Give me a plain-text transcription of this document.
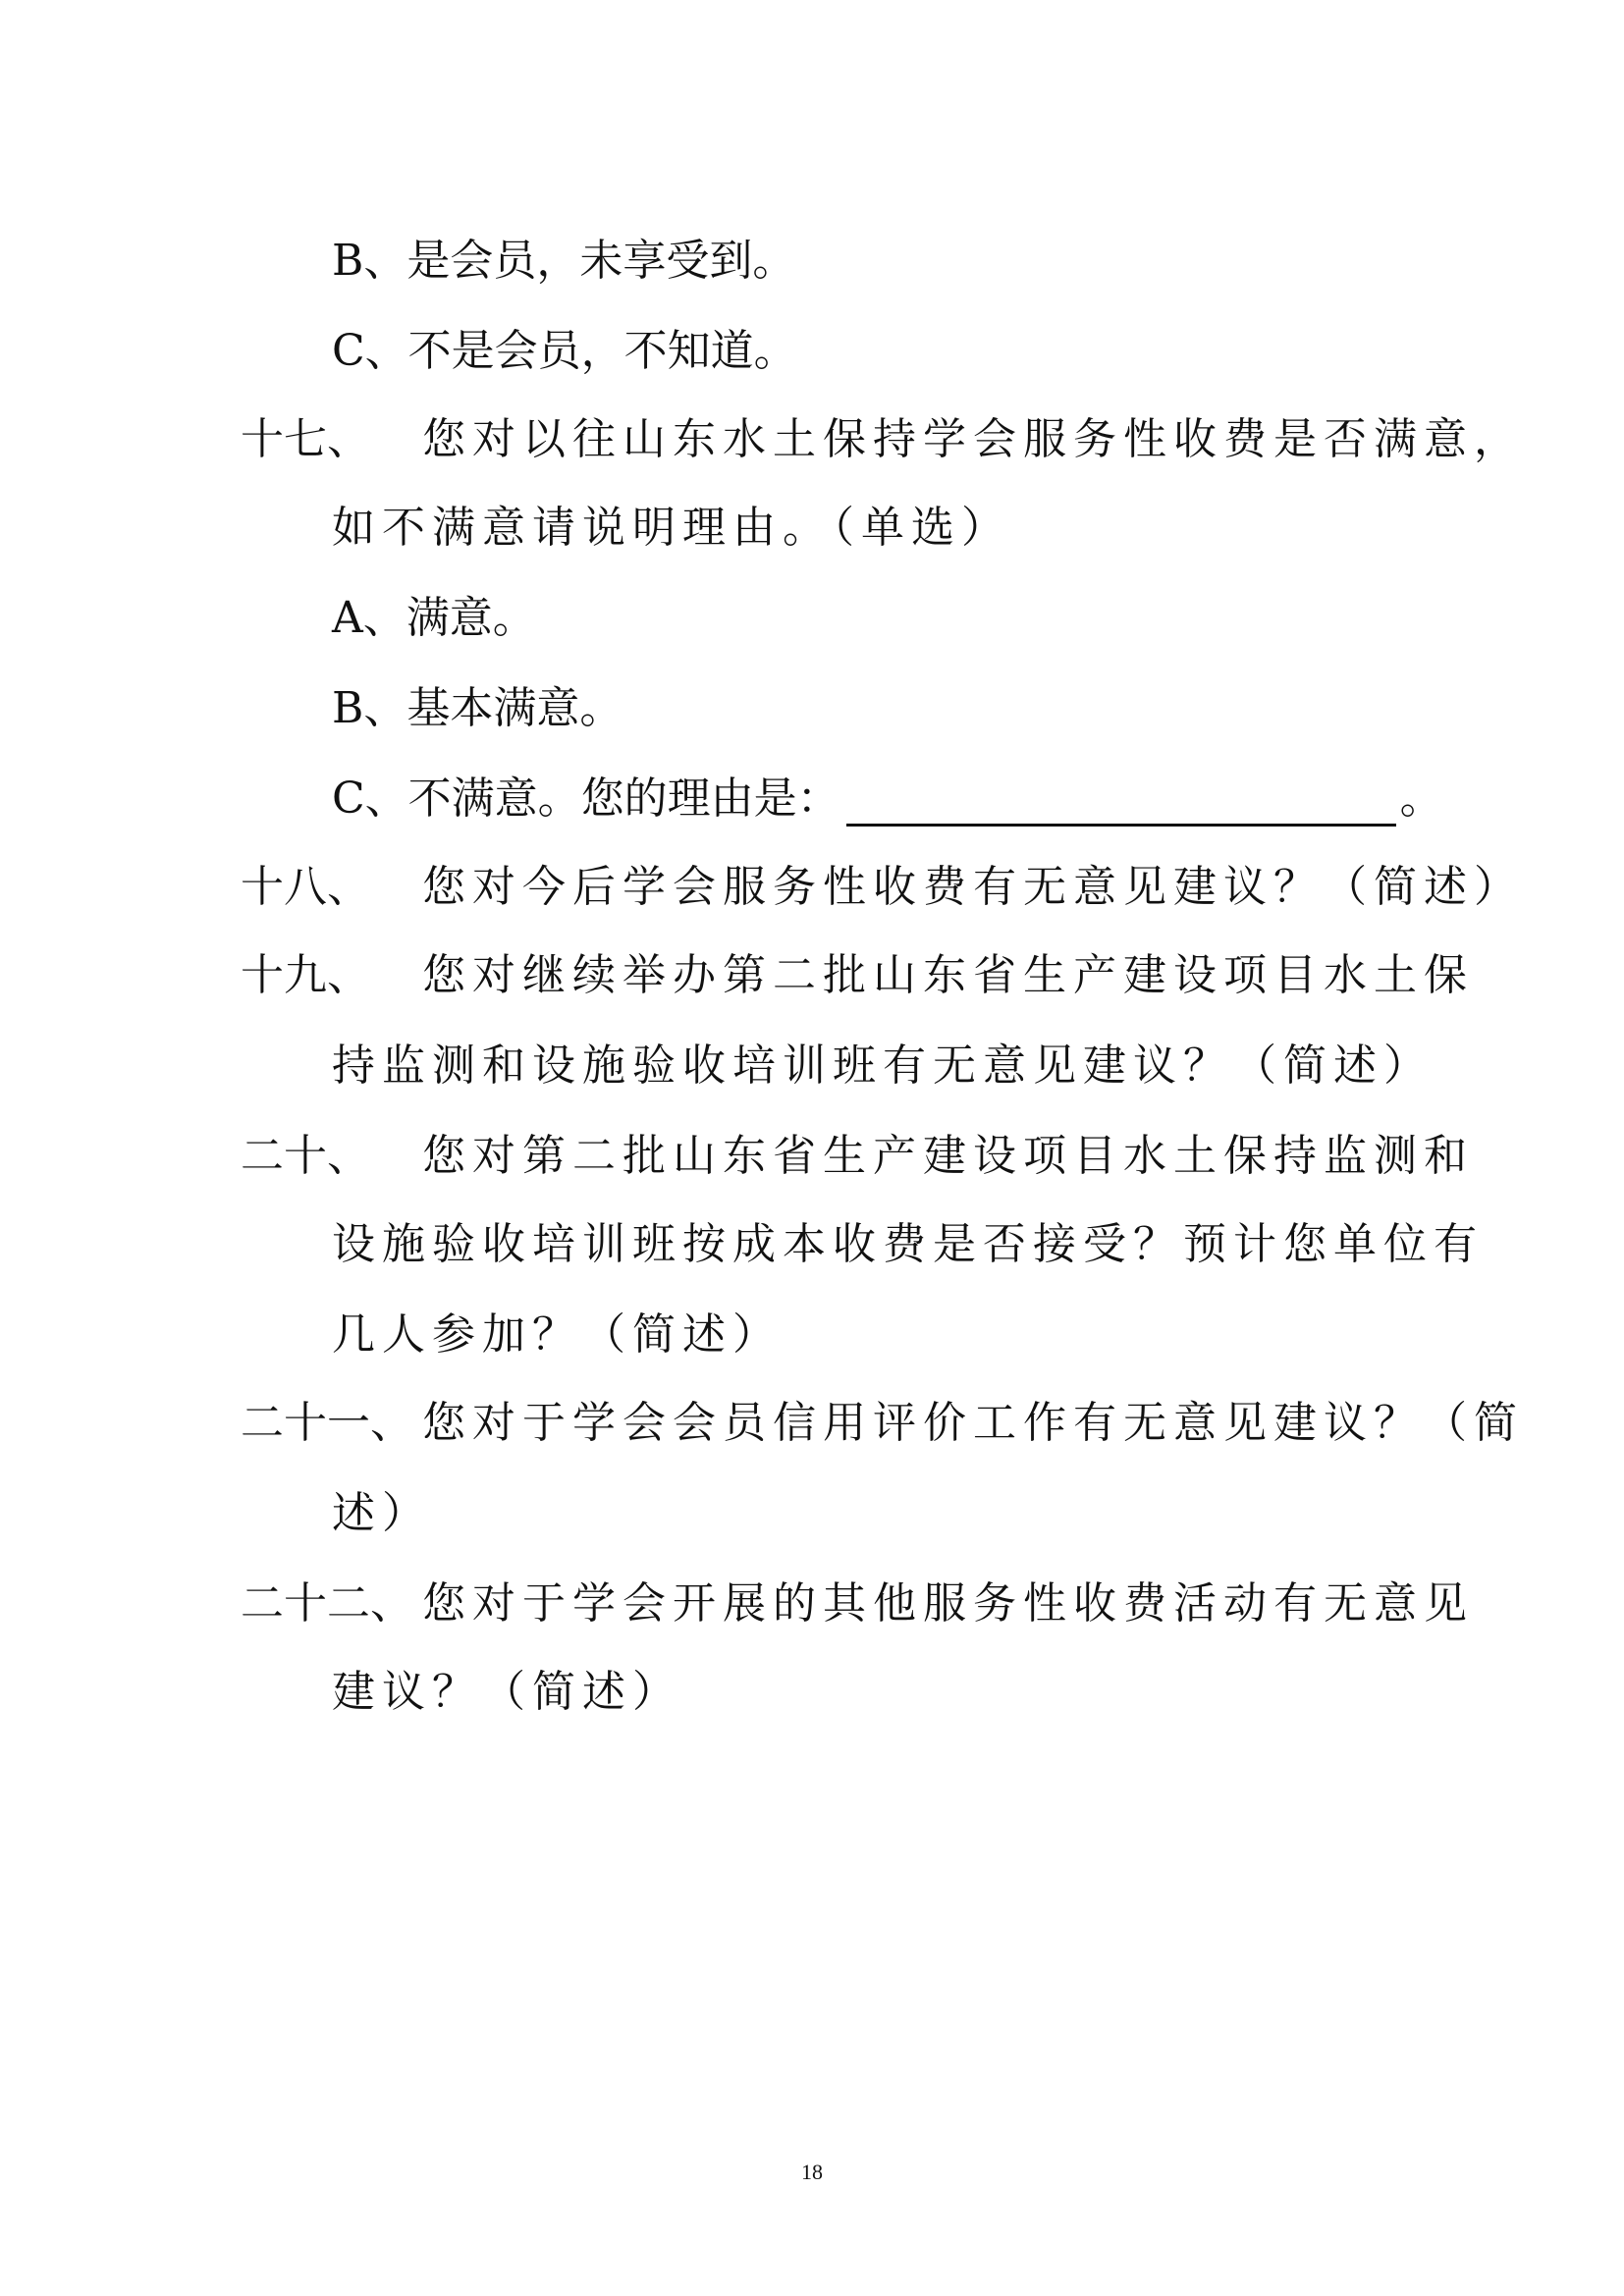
B、是会员，未享受到。
C、不是会员，不知道。
十七、 您对以往山东水土保持学会服务性收费是否满意，
如不满意请说明理由。（单选）
A、满意。
B、基本满意。
C、不满意。您的理由是：	。
十八、 您对今后学会服务性收费有无意见建议？（简述）
十九、 您对继续举办第二批山东省生产建设项目水土保
持监测和设施验收培训班有无意见建议？（简述）
二十、 您对第二批山东省生产建设项目水土保持监测和
设施验收培训班按成本收费是否接受？预计您单位有
几人参加？（简述）
二十一、 您对于学会会员信用评价工作有无意见建议？（简
述）
二十二、 您对于学会开展的其他服务性收费活动有无意见
建议？（简述）
18
